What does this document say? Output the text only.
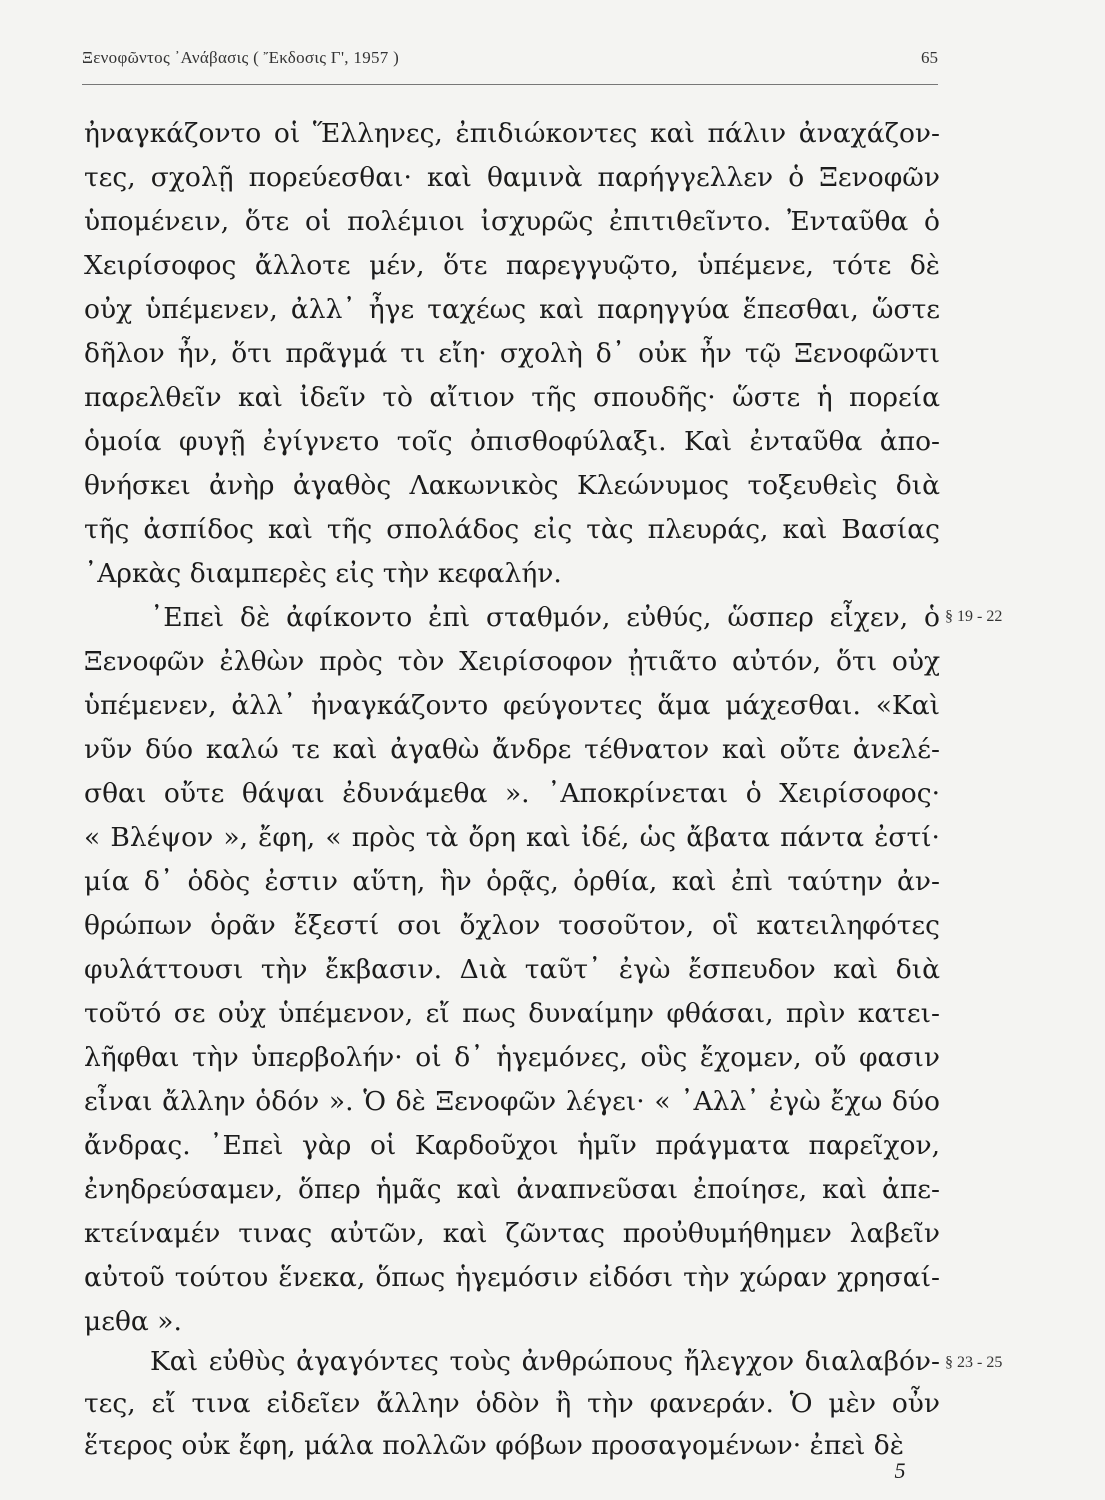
Ξενοφῶντος ᾿Ανάβασις ( Ἔκδοσις Γ', 1957 )	65
ἠναγκάζοντο οἱ Ἕλληνες, ἐπιδιώκοντες καὶ πάλιν ἀναχάζον-
τες, σχολῇ πορεύεσθαι· καὶ θαμινὰ παρήγγελλεν ὁ Ξενοφῶν
ὑπομένειν, ὅτε οἱ πολέμιοι ἰσχυρῶς ἐπιτιθεῖντο. Ἐνταῦθα ὁ
Χειρίσοφος ἄλλοτε μέν, ὅτε παρεγγυῷτο, ὑπέμενε, τότε δὲ
οὐχ ὑπέμενεν, ἀλλ᾿ ἦγε ταχέως καὶ παρηγγύα ἕπεσθαι, ὥστε
δῆλον ἦν, ὅτι πρᾶγμά τι εἴη· σχολὴ δ᾿ οὐκ ἦν τῷ Ξενοφῶντι
παρελθεῖν καὶ ἰδεῖν τὸ αἴτιον τῆς σπουδῆς· ὥστε ἡ πορεία
ὁμοία φυγῇ ἐγίγνετο τοῖς ὀπισθοφύλαξι. Καὶ ἐνταῦθα ἀπο-
θνήσκει ἀνὴρ ἀγαθὸς Λακωνικὸς Κλεώνυμος τοξευθεὶς διὰ
τῆς ἀσπίδος καὶ τῆς σπολάδος εἰς τὰς πλευράς, καὶ Βασίας
᾿Αρκὰς διαμπερὲς εἰς τὴν κεφαλήν.
᾿Επεὶ δὲ ἀφίκοντο ἐπὶ σταθμόν, εὐθύς, ὥσπερ εἶχεν, ὁ
Ξενοφῶν ἐλθὼν πρὸς τὸν Χειρίσοφον ᾐτιᾶτο αὐτόν, ὅτι οὐχ
ὑπέμενεν, ἀλλ᾿ ἠναγκάζοντο φεύγοντες ἅμα μάχεσθαι. «Καὶ
νῦν δύο καλώ τε καὶ ἀγαθὼ ἄνδρε τέθνατον καὶ οὔτε ἀνελέ-
σθαι οὔτε θάψαι ἐδυνάμεθα ». ᾿Αποκρίνεται ὁ Χειρίσοφος·
« Βλέψον », ἔφη, « πρὸς τὰ ὄρη καὶ ἰδέ, ὡς ἄβατα πάντα ἐστί·
μία δ᾿ ὁδὸς ἐστιν αὕτη, ἣν ὁρᾷς, ὀρθία, καὶ ἐπὶ ταύτην ἀν-
θρώπων ὁρᾶν ἔξεστί σοι ὄχλον τοσοῦτον, οἳ κατειληφότες
φυλάττουσι τὴν ἔκβασιν. Διὰ ταῦτ᾿ ἐγὼ ἔσπευδον καὶ διὰ
τοῦτό σε οὐχ ὑπέμενον, εἴ πως δυναίμην φθάσαι, πρὶν κατει-
λῆφθαι τὴν ὑπερβολήν· οἱ δ᾿ ἡγεμόνες, οὓς ἔχομεν, οὔ φασιν
εἶναι ἄλλην ὁδόν ». Ὁ δὲ Ξενοφῶν λέγει· « ᾿Αλλ᾿ ἐγὼ ἔχω δύο
ἄνδρας. ᾿Επεὶ γὰρ οἱ Καρδοῦχοι ἡμῖν πράγματα παρεῖχον,
ἐνηδρεύσαμεν, ὅπερ ἡμᾶς καὶ ἀναπνεῦσαι ἐποίησε, καὶ ἀπε-
κτείναμέν τινας αὐτῶν, καὶ ζῶντας προὐθυμήθημεν λαβεῖν
αὐτοῦ τούτου ἕνεκα, ὅπως ἡγεμόσιν εἰδόσι τὴν χώραν χρησαί-
μεθα ».
Καὶ εὐθὺς ἀγαγόντες τοὺς ἀνθρώπους ἤλεγχον διαλαβόν-
τες, εἴ τινα εἰδεῖεν ἄλλην ὁδὸν ἢ τὴν φανεράν. Ὁ μὲν οὖν
ἕτερος οὐκ ἔφη, μάλα πολλῶν φόβων προσαγομένων· ἐπεὶ δὲ
§ 19 - 22
§ 23 - 25
5
